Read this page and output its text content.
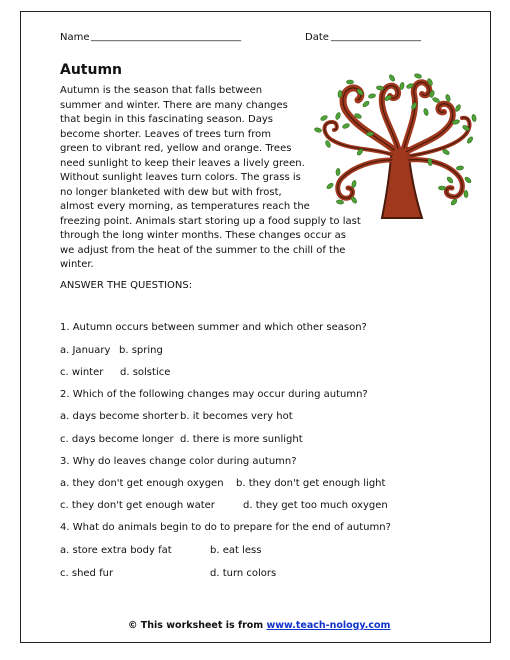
Name ______________________________	Date __________________
Autumn
Autumn is the season that falls between
summer and winter. There are many changes
that begin in this fascinating season. Days
become shorter. Leaves of trees turn from
green to vibrant red, yellow and orange. Trees
need sunlight to keep their leaves a lively green.
Without sunlight leaves turn colors. The grass is
no longer blanketed with dew but with frost,
almost every morning, as temperatures reach the
freezing point. Animals start storing up a food supply to last
through the long winter months. These changes occur as
we adjust from the heat of the summer to the chill of the
winter.
ANSWER THE QUESTIONS:
1. Autumn occurs between summer and which other season?
a. January b. spring
c. winter d. solstice
2. Which of the following changes may occur during autumn?
a. days become shorter b. it becomes very hot
c. days become longer d. there is more sunlight
3. Why do leaves change color during autumn?
a. they don't get enough oxygen b. they don't get enough light
c. they don't get enough water	d. they get too much oxygen
4. What do animals begin to do to prepare for the end of autumn?
a. store extra body fat	b. eat less
c. shed fur	d. turn colors
© This worksheet is from www.teach-nology.com
